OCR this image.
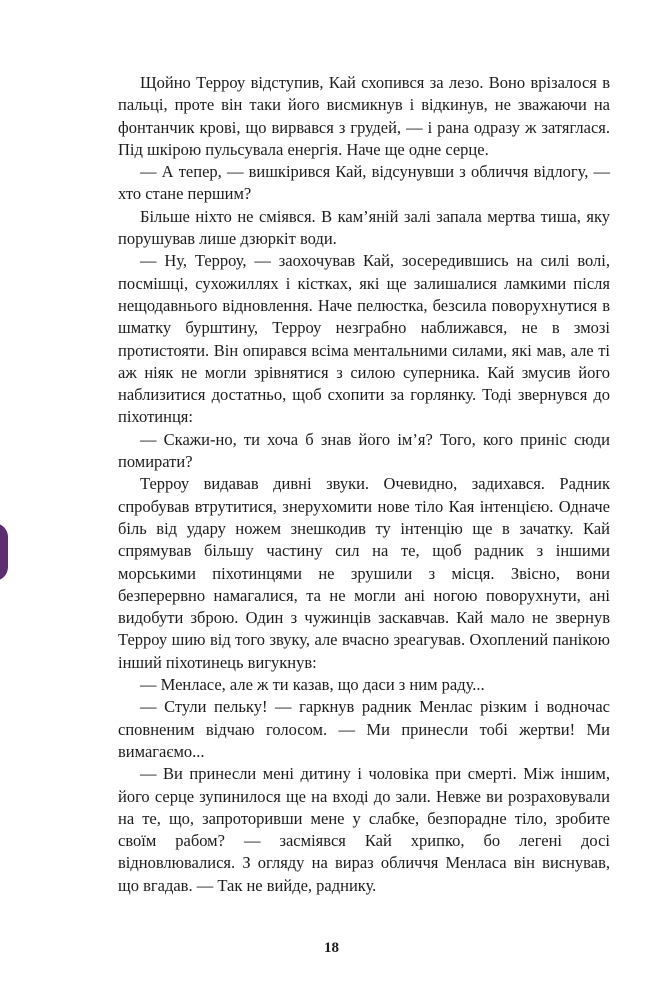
Щойно Терроу відступив, Кай схопився за лезо. Воно врізалося в пальці, проте він таки його висмикнув і відкинув, не зважаючи на фонтанчик крові, що вирвався з грудей, — і рана одразу ж затяглася. Під шкірою пульсувала енергія. Наче ще одне серце.

— А тепер, — вишкірився Кай, відсунувши з обличчя відлогу, — хто стане першим?

Більше ніхто не сміявся. В кам’яній залі запала мертва тиша, яку порушував лише дзюркіт води.

— Ну, Терроу, — заохочував Кай, зосередившись на силі волі, посмішці, сухожиллях і кістках, які ще залишалися ламкими після нещодавнього відновлення. Наче пелюстка, безсила поворухнутися в шматку бурштину, Терроу незграбно наближався, не в змозі протистояти. Він опирався всіма ментальними силами, які мав, але ті аж ніяк не могли зрівнятися з силою суперника. Кай змусив його наблизитися достатньо, щоб схопити за горлянку. Тоді звернувся до піхотинця:

— Скажи-но, ти хоча б знав його ім’я? Того, кого приніс сюди помирати?

Терроу видавав дивні звуки. Очевидно, задихався. Радник спробував втрутитися, знерухомити нове тіло Кая інтенцією. Одначе біль від удару ножем знешкодив ту інтенцію ще в зачатку. Кай спрямував більшу частину сил на те, щоб радник з іншими морськими піхотинцями не зрушили з місця. Звісно, вони безперервно намагалися, та не могли ані ногою поворухнути, ані видобути зброю. Один з чужинців заскавчав. Кай мало не звернув Терроу шию від того звуку, але вчасно зреагував. Охоплений панікою інший піхотинець вигукнув:

— Менласе, але ж ти казав, що даси з ним раду...

— Стули пельку! — гаркнув радник Менлас різким і водночас сповненим відчаю голосом. — Ми принесли тобі жертви! Ми вимагаємо...

— Ви принесли мені дитину і чоловіка при смерті. Між іншим, його серце зупинилося ще на вході до зали. Невже ви розраховували на те, що, запроторивши мене у слабке, безпорадне тіло, зробите своїм рабом? — засміявся Кай хрипко, бо легені досі відновлювалися. З огляду на вираз обличчя Менласа він виснував, що вгадав. — Так не вийде, раднику.

18
